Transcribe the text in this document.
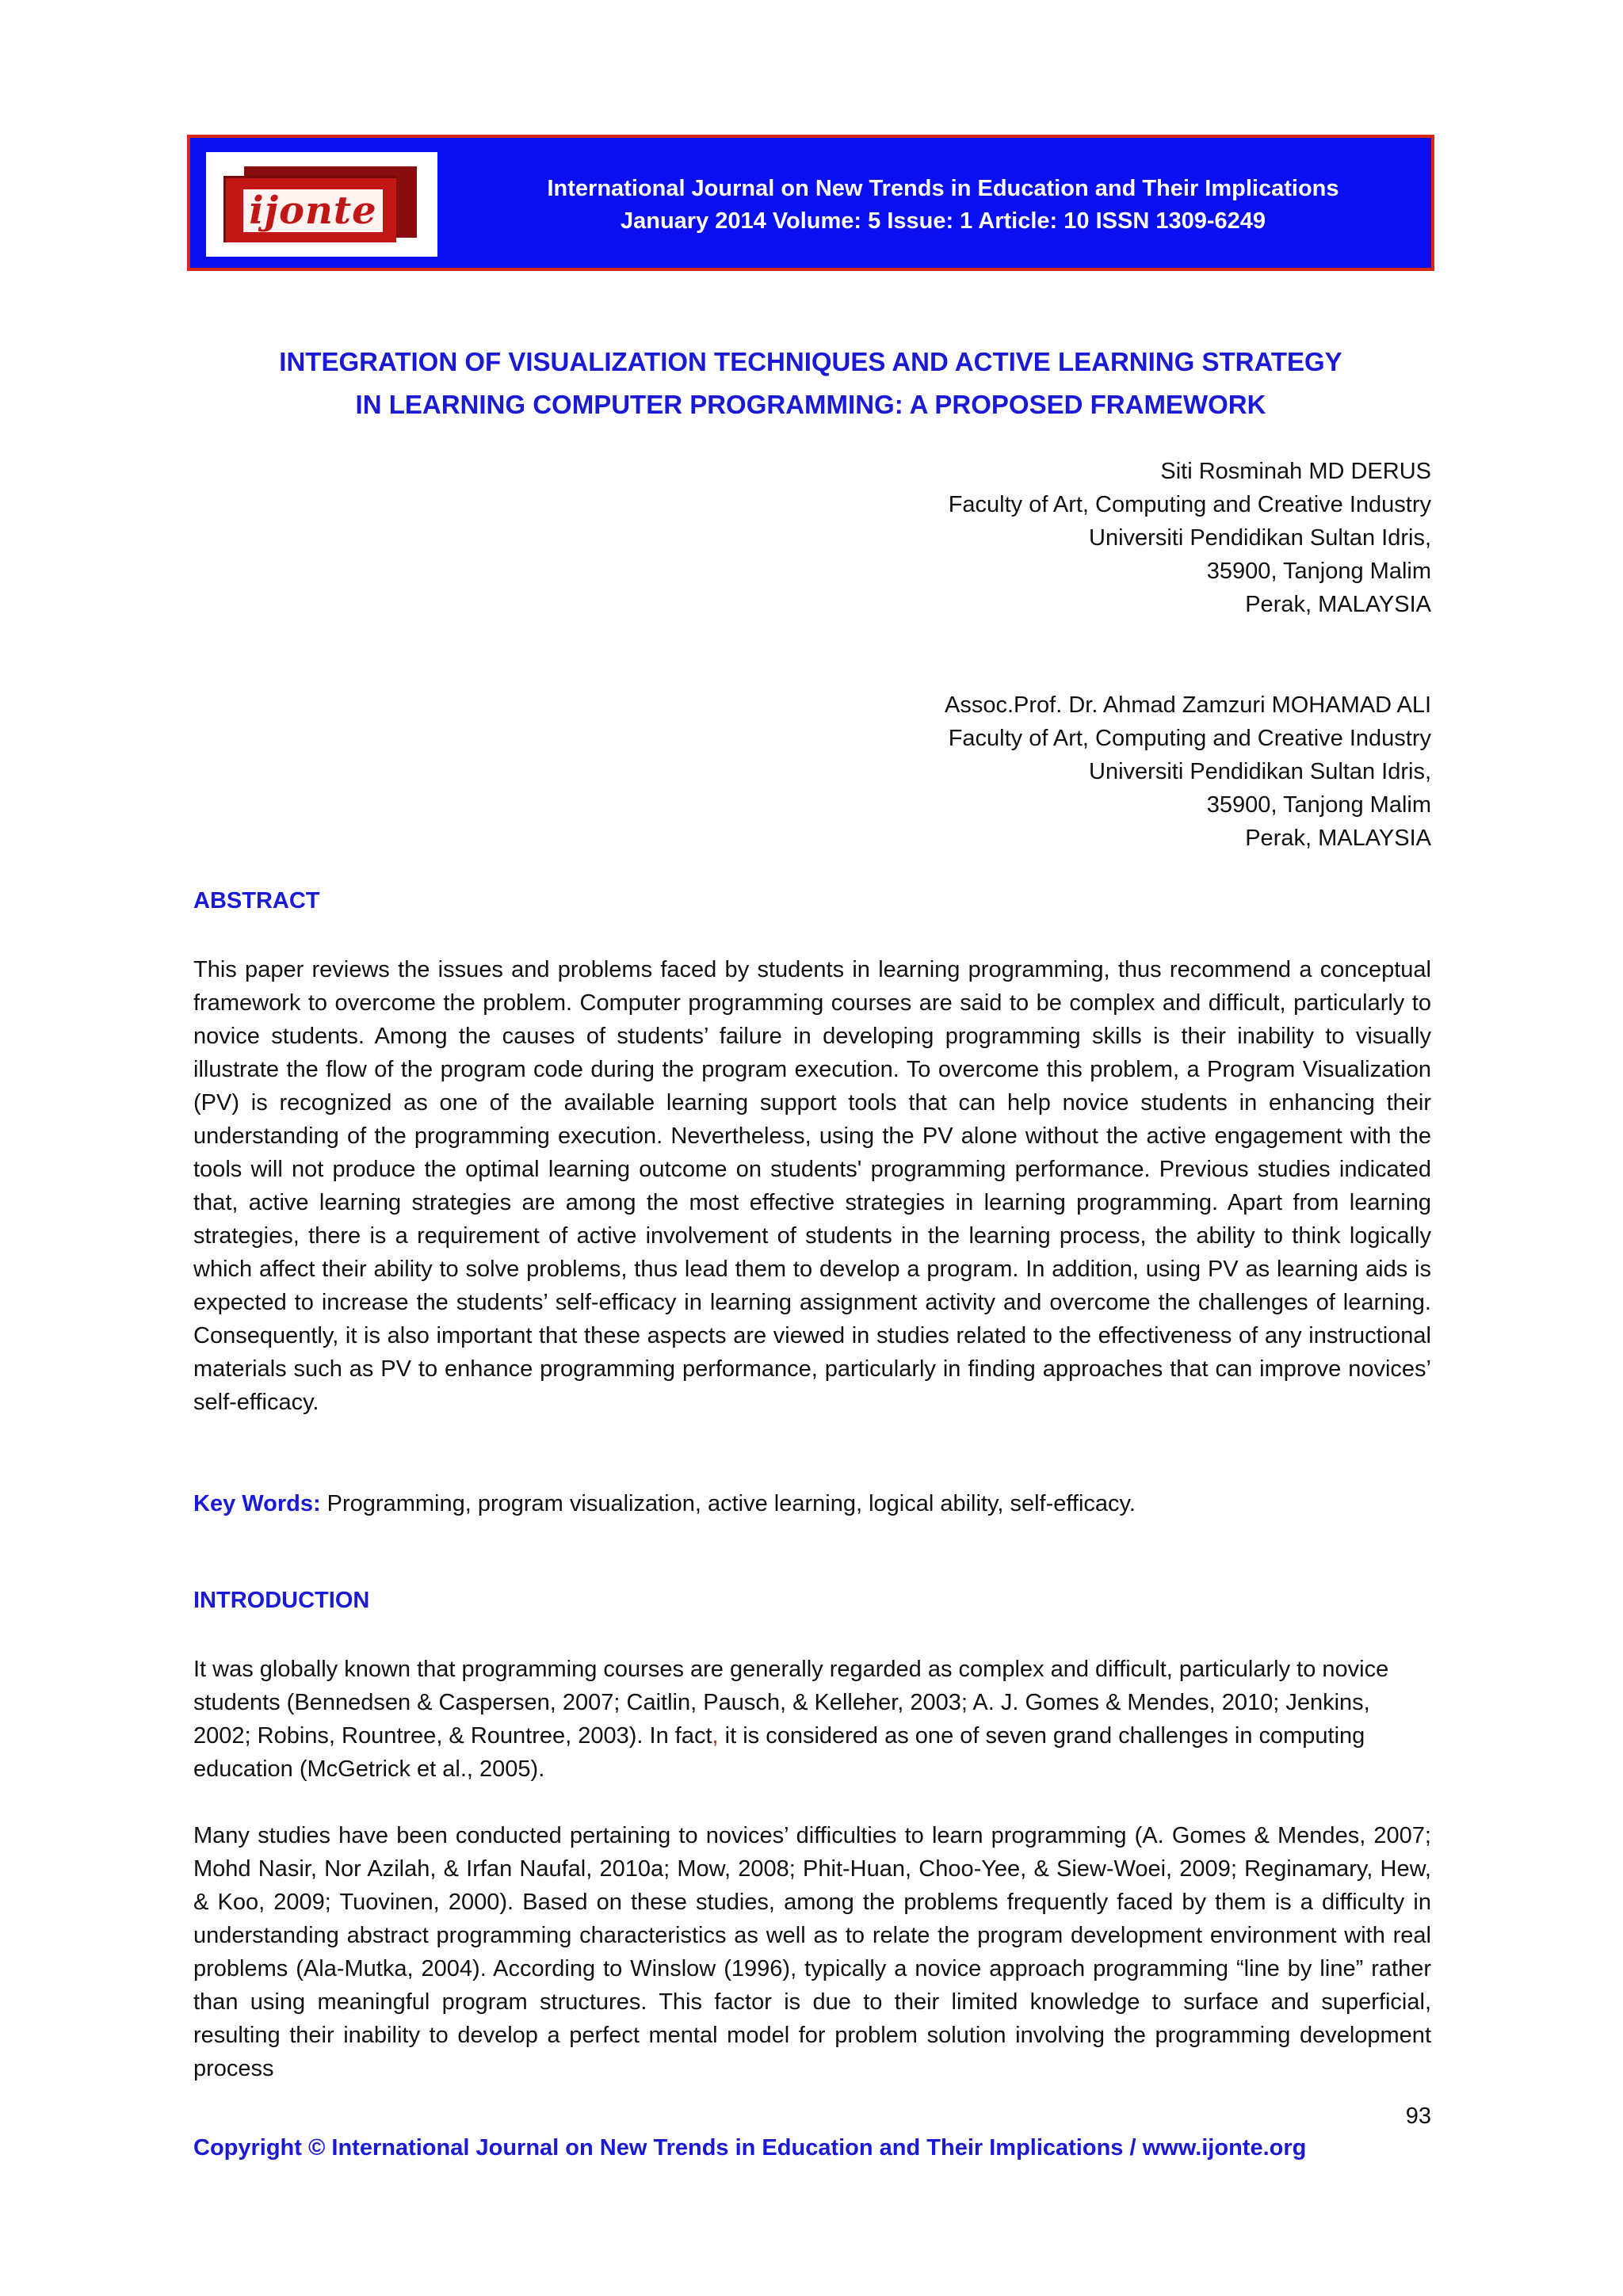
ijonte	International Journal on New Trends in Education and Their Implications
January 2014 Volume: 5 Issue: 1 Article: 10 ISSN 1309-6249
INTEGRATION OF VISUALIZATION TECHNIQUES AND ACTIVE LEARNING STRATEGY
IN LEARNING COMPUTER PROGRAMMING: A PROPOSED FRAMEWORK
Siti Rosminah MD DERUS
Faculty of Art, Computing and Creative Industry
Universiti Pendidikan Sultan Idris,
35900, Tanjong Malim
Perak, MALAYSIA
Assoc.Prof. Dr. Ahmad Zamzuri MOHAMAD ALI
Faculty of Art, Computing and Creative Industry
Universiti Pendidikan Sultan Idris,
35900, Tanjong Malim
Perak, MALAYSIA
ABSTRACT

This paper reviews the issues and problems faced by students in learning programming, thus recommend a conceptual framework to overcome the problem. Computer programming courses are said to be complex and difficult, particularly to novice students. Among the causes of students’ failure in developing programming skills is their inability to visually illustrate the flow of the program code during the program execution. To overcome this problem, a Program Visualization (PV) is recognized as one of the available learning support tools that can help novice students in enhancing their understanding of the programming execution. Nevertheless, using the PV alone without the active engagement with the tools will not produce the optimal learning outcome on students' programming performance. Previous studies indicated that, active learning strategies are among the most effective strategies in learning programming. Apart from learning strategies, there is a requirement of active involvement of students in the learning process, the ability to think logically which affect their ability to solve problems, thus lead them to develop a program. In addition, using PV as learning aids is expected to increase the students’ self-efficacy in learning assignment activity and overcome the challenges of learning. Consequently, it is also important that these aspects are viewed in studies related to the effectiveness of any instructional materials such as PV to enhance programming performance, particularly in finding approaches that can improve novices’ self-efficacy.

Key Words: Programming, program visualization, active learning, logical ability, self-efficacy.

INTRODUCTION

It was globally known that programming courses are generally regarded as complex and difficult, particularly to novice students (Bennedsen & Caspersen, 2007; Caitlin, Pausch, & Kelleher, 2003; A. J. Gomes & Mendes, 2010; Jenkins, 2002; Robins, Rountree, & Rountree, 2003). In fact, it is considered as one of seven grand challenges in computing education (McGetrick et al., 2005).

Many studies have been conducted pertaining to novices’ difficulties to learn programming (A. Gomes & Mendes, 2007; Mohd Nasir, Nor Azilah, & Irfan Naufal, 2010a; Mow, 2008; Phit-Huan, Choo-Yee, & Siew-Woei, 2009; Reginamary, Hew, & Koo, 2009; Tuovinen, 2000). Based on these studies, among the problems frequently faced by them is a difficulty in understanding abstract programming characteristics as well as to relate the program development environment with real problems (Ala-Mutka, 2004). According to Winslow (1996), typically a novice approach programming “line by line” rather than using meaningful program structures. This factor is due to their limited knowledge to surface and superficial, resulting their inability to develop a perfect mental model for problem solution involving the programming development process

93
Copyright © International Journal on New Trends in Education and Their Implications / www.ijonte.org
